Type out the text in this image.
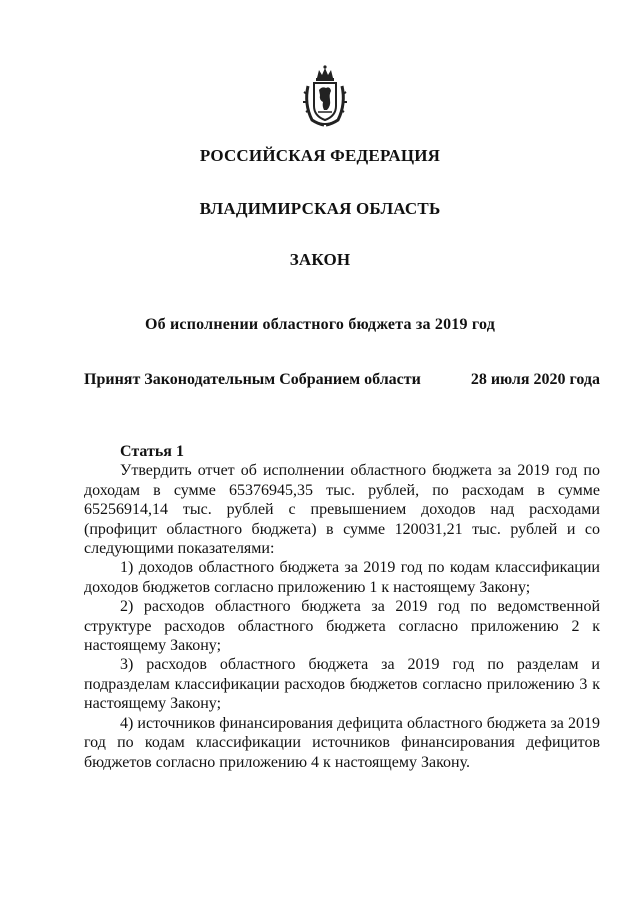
РОССИЙСКАЯ ФЕДЕРАЦИЯ
ВЛАДИМИРСКАЯ ОБЛАСТЬ
ЗАКОН
Об исполнении областного бюджета за 2019 год
Принят Законодательным Собранием области	28 июля 2020 года
Статья 1

Утвердить отчет об исполнении областного бюджета за 2019 год по доходам в сумме 65376945,35 тыс. рублей, по расходам в сумме 65256914,14 тыс. рублей с превышением доходов над расходами (профицит областного бюджета) в сумме 120031,21 тыс. рублей и со следующими показателями:

1) доходов областного бюджета за 2019 год по кодам классификации доходов бюджетов согласно приложению 1 к настоящему Закону;

2) расходов областного бюджета за 2019 год по ведомственной структуре расходов областного бюджета согласно приложению 2 к настоящему Закону;

3) расходов областного бюджета за 2019 год по разделам и подразделам классификации расходов бюджетов согласно приложению 3 к настоящему Закону;

4) источников финансирования дефицита областного бюджета за 2019 год по кодам классификации источников финансирования дефицитов бюджетов согласно приложению 4 к настоящему Закону.
